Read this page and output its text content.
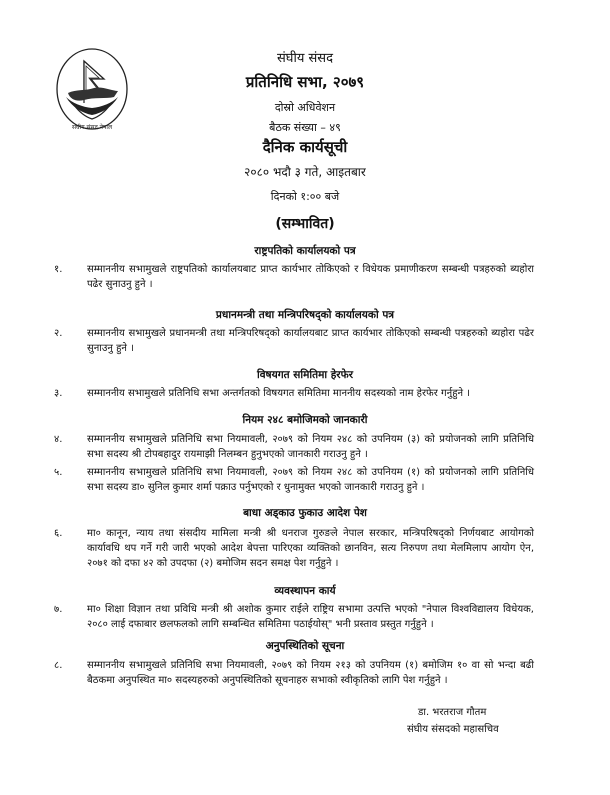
संघीय संसद नेपाल
संघीय संसद
प्रतिनिधि सभा, २०७९
दोस्रो अधिवेशन
बैठक संख्या – ४९
दैनिक कार्यसूची
२०८० भदौ ३ गते, आइतबार
दिनको १:०० बजे
(सम्भावित)
राष्ट्रपतिको कार्यालयको पत्र
१.	सम्माननीय सभामुखले राष्ट्रपतिको कार्यालयबाट प्राप्त कार्यभार तोकिएको र विधेयक प्रमाणीकरण सम्बन्धी पत्रहरुको ब्यहोरा पढेर सुनाउनु हुने ।
प्रधानमन्त्री तथा मन्त्रिपरिषद्को कार्यालयको पत्र
२.	सम्माननीय सभामुखले प्रधानमन्त्री तथा मन्त्रिपरिषद्को कार्यालयबाट प्राप्त कार्यभार तोकिएको सम्बन्धी पत्रहरुको ब्यहोरा पढेर सुनाउनु हुने ।
विषयगत समितिमा हेरफेर
३.	सम्माननीय सभामुखले प्रतिनिधि सभा अन्तर्गतको विषयगत समितिमा माननीय सदस्यको नाम हेरफेर गर्नुहुने ।
नियम २४८ बमोजिमको जानकारी
४.	सम्माननीय सभामुखले प्रतिनिधि सभा नियमावली, २०७९ को नियम २४८ को उपनियम (३) को प्रयोजनको लागि प्रतिनिधि सभा सदस्य श्री टोपबहादुर रायमाझी निलम्बन हुनुभएको जानकारी गराउनु हुने ।
५.	सम्माननीय सभामुखले प्रतिनिधि सभा नियमावली, २०७९ को नियम २४८ को उपनियम (१) को प्रयोजनको लागि प्रतिनिधि सभा सदस्य डा० सुनिल कुमार शर्मा पक्राउ पर्नुभएको र धुनामुक्त भएको जानकारी गराउनु हुने ।
बाधा अड्काउ फुकाउ आदेश पेश
६.	मा० कानून, न्याय तथा संसदीय मामिला मन्त्री श्री धनराज गुरुङले नेपाल सरकार, मन्त्रिपरिषद्को निर्णयबाट आयोगको कार्यावधि थप गर्ने गरी जारी भएको आदेश बेपत्ता पारिएका व्यक्तिको छानविन, सत्य निरुपण तथा मेलमिलाप आयोग ऐन, २०७१ को दफा ४२ को उपदफा (२) बमोजिम सदन समक्ष पेश गर्नुहुने ।
व्यवस्थापन कार्य
७.	मा० शिक्षा विज्ञान तथा प्रविधि मन्त्री श्री अशोक कुमार राईले राष्ट्रिय सभामा उत्पत्ति भएको "नेपाल विश्वविद्यालय विधेयक, २०८० लाई दफाबार छलफलको लागि सम्बन्धित समितिमा पठाईयोस्" भनी प्रस्ताव प्रस्तुत गर्नुहुने ।
अनुपस्थितिको सूचना
८.	सम्माननीय सभामुखले प्रतिनिधि सभा नियमावली, २०७९ को नियम २१३ को उपनियम (१) बमोजिम १० वा सो भन्दा बढी बैठकमा अनुपस्थित मा० सदस्यहरुको अनुपस्थितिको सूचनाहरु सभाको स्वीकृतिको लागि पेश गर्नुहुने ।
डा. भरतराज गौतम
संघीय संसदको महासचिव
